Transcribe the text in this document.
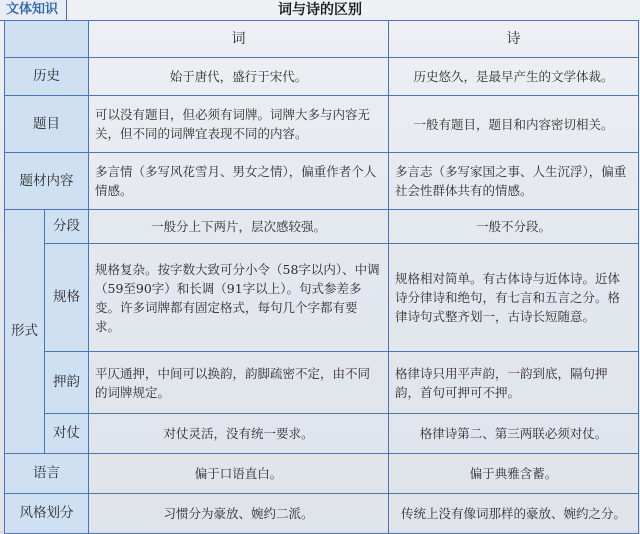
词与诗的区别
文体知识
		词	诗
历史		始于唐代，盛行于宋代。	历史悠久，是最早产生的文学体裁。
题目		可以没有题目，但必须有词牌。词牌大多与内容无关，但不同的词牌宜表现不同的内容。	一般有题目，题目和内容密切相关。
题材内容		多言情（多写风花雪月、男女之情），偏重作者个人情感。	多言志（多写家国之事、人生沉浮），偏重社会性群体共有的情感。
形式	分段	一般分上下两片，层次感较强。	一般不分段。
	规格	规格复杂。按字数大致可分小令（58字以内）、中调（59至90字）和长调（91字以上）。句式参差多变。许多词牌都有固定格式，每句几个字都有要求。	规格相对简单。有古体诗与近体诗。近体诗分律诗和绝句，有七言和五言之分。格律诗句式整齐划一，古诗长短随意。
	押韵	平仄通押，中间可以换韵，韵脚疏密不定，由不同的词牌规定。	格律诗只用平声韵，一韵到底，隔句押韵，首句可押可不押。
	对仗	对仗灵活，没有统一要求。	格律诗第二、第三两联必须对仗。
语言		偏于口语直白。	偏于典雅含蓄。
风格划分		习惯分为豪放、婉约二派。	传统上没有像词那样的豪放、婉约之分。
